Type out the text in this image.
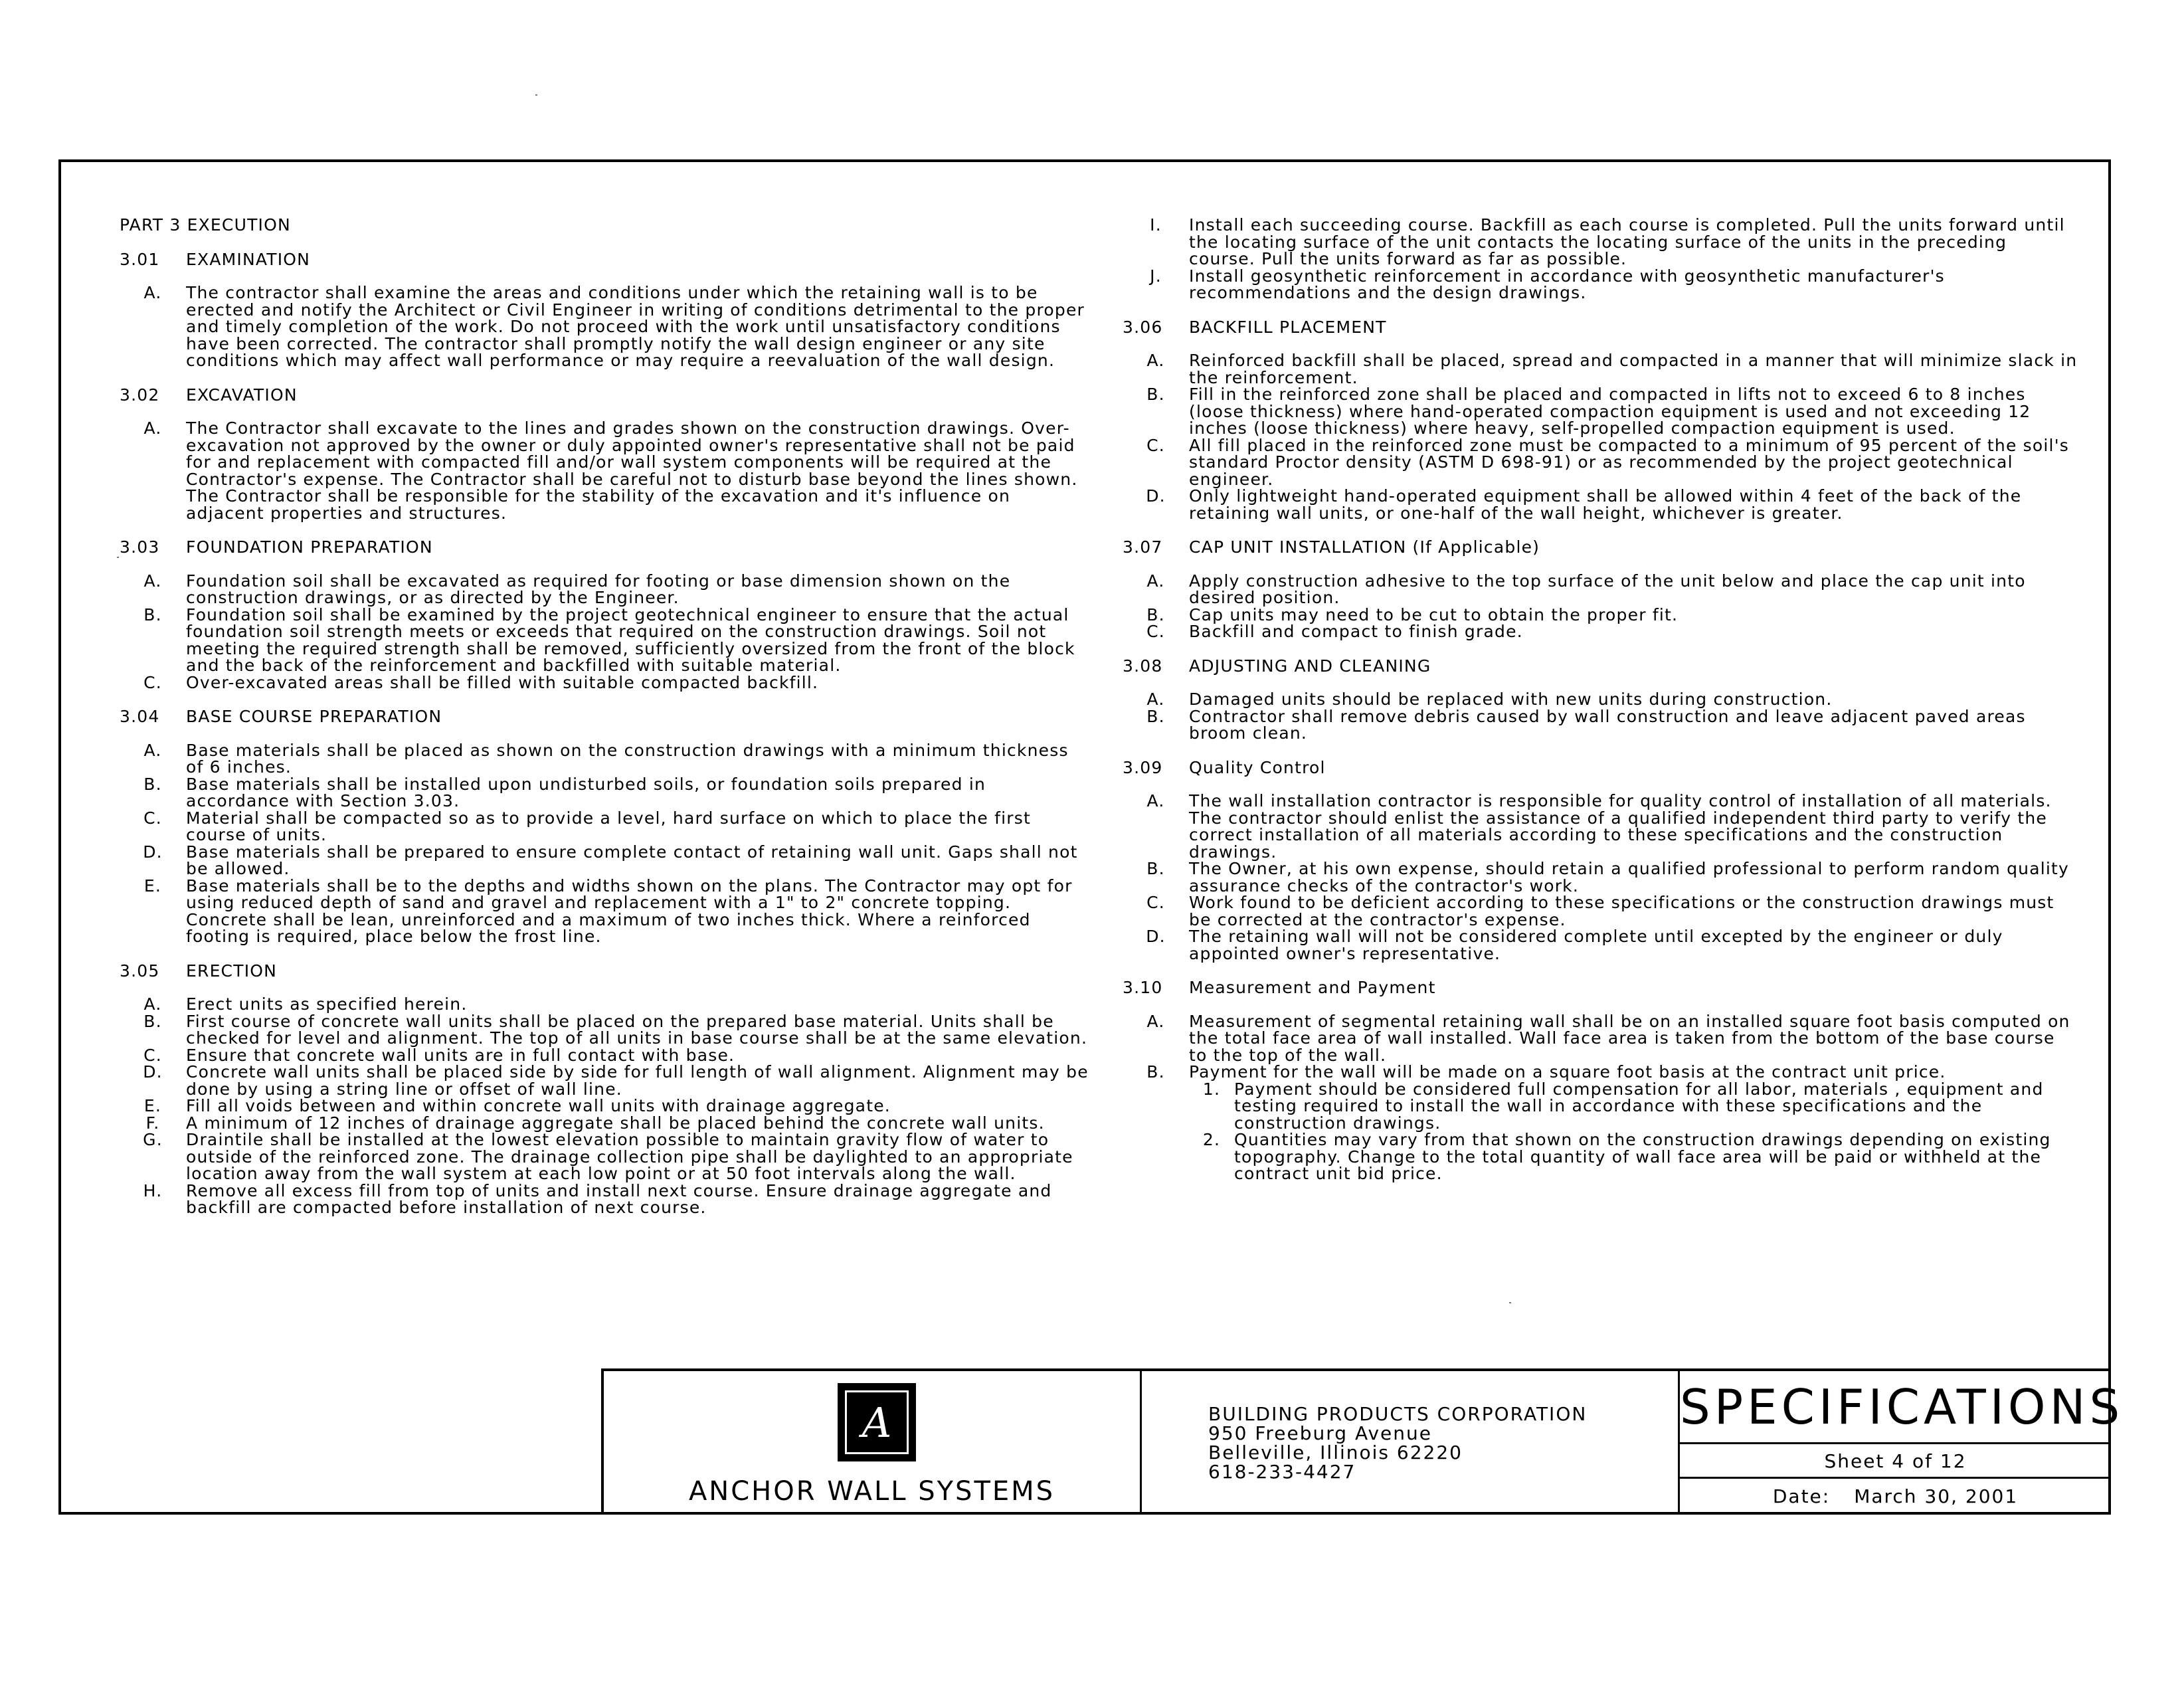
PART 3 EXECUTION
3.01	EXAMINATION
A.	The contractor shall examine the areas and conditions under which the retaining wall is to be erected and notify the Architect or Civil Engineer in writing of conditions detrimental to the proper and timely completion of the work. Do not proceed with the work until unsatisfactory conditions have been corrected. The contractor shall promptly notify the wall design engineer or any site conditions which may affect wall performance or may require a reevaluation of the wall design.
3.02	EXCAVATION
A.	The Contractor shall excavate to the lines and grades shown on the construction drawings. Over-excavation not approved by the owner or duly appointed owner's representative shall not be paid for and replacement with compacted fill and/or wall system components will be required at the Contractor's expense. The Contractor shall be careful not to disturb base beyond the lines shown. The Contractor shall be responsible for the stability of the excavation and it's influence on adjacent properties and structures.
3.03	FOUNDATION PREPARATION
A.	Foundation soil shall be excavated as required for footing or base dimension shown on the construction drawings, or as directed by the Engineer.
B.	Foundation soil shall be examined by the project geotechnical engineer to ensure that the actual foundation soil strength meets or exceeds that required on the construction drawings. Soil not meeting the required strength shall be removed, sufficiently oversized from the front of the block and the back of the reinforcement and backfilled with suitable material.
C.	Over-excavated areas shall be filled with suitable compacted backfill.
3.04	BASE COURSE PREPARATION
A.	Base materials shall be placed as shown on the construction drawings with a minimum thickness of 6 inches.
B.	Base materials shall be installed upon undisturbed soils, or foundation soils prepared in accordance with Section 3.03.
C.	Material shall be compacted so as to provide a level, hard surface on which to place the first course of units.
D.	Base materials shall be prepared to ensure complete contact of retaining wall unit. Gaps shall not be allowed.
E.	Base materials shall be to the depths and widths shown on the plans. The Contractor may opt for using reduced depth of sand and gravel and replacement with a 1" to 2" concrete topping. Concrete shall be lean, unreinforced and a maximum of two inches thick. Where a reinforced footing is required, place below the frost line.
3.05	ERECTION
A.	Erect units as specified herein.
B.	First course of concrete wall units shall be placed on the prepared base material. Units shall be checked for level and alignment. The top of all units in base course shall be at the same elevation.
C.	Ensure that concrete wall units are in full contact with base.
D.	Concrete wall units shall be placed side by side for full length of wall alignment. Alignment may be done by using a string line or offset of wall line.
E.	Fill all voids between and within concrete wall units with drainage aggregate.
F.	A minimum of 12 inches of drainage aggregate shall be placed behind the concrete wall units.
G.	Draintile shall be installed at the lowest elevation possible to maintain gravity flow of water to outside of the reinforced zone. The drainage collection pipe shall be daylighted to an appropriate location away from the wall system at each low point or at 50 foot intervals along the wall.
H.	Remove all excess fill from top of units and install next course. Ensure drainage aggregate and backfill are compacted before installation of next course.
I.	Install each succeeding course. Backfill as each course is completed. Pull the units forward until the locating surface of the unit contacts the locating surface of the units in the preceding course. Pull the units forward as far as possible.
J.	Install geosynthetic reinforcement in accordance with geosynthetic manufacturer's recommendations and the design drawings.
3.06	BACKFILL PLACEMENT
A.	Reinforced backfill shall be placed, spread and compacted in a manner that will minimize slack in the reinforcement.
B.	Fill in the reinforced zone shall be placed and compacted in lifts not to exceed 6 to 8 inches (loose thickness) where hand-operated compaction equipment is used and not exceeding 12 inches (loose thickness) where heavy, self-propelled compaction equipment is used.
C.	All fill placed in the reinforced zone must be compacted to a minimum of 95 percent of the soil's standard Proctor density (ASTM D 698-91) or as recommended by the project geotechnical engineer.
D.	Only lightweight hand-operated equipment shall be allowed within 4 feet of the back of the retaining wall units, or one-half of the wall height, whichever is greater.
3.07	CAP UNIT INSTALLATION (If Applicable)
A.	Apply construction adhesive to the top surface of the unit below and place the cap unit into desired position.
B.	Cap units may need to be cut to obtain the proper fit.
C.	Backfill and compact to finish grade.
3.08	ADJUSTING AND CLEANING
A.	Damaged units should be replaced with new units during construction.
B.	Contractor shall remove debris caused by wall construction and leave adjacent paved areas broom clean.
3.09	Quality Control
A.	The wall installation contractor is responsible for quality control of installation of all materials. The contractor should enlist the assistance of a qualified independent third party to verify the correct installation of all materials according to these specifications and the construction drawings.
B.	The Owner, at his own expense, should retain a qualified professional to perform random quality assurance checks of the contractor's work.
C.	Work found to be deficient according to these specifications or the construction drawings must be corrected at the contractor's expense.
D.	The retaining wall will not be considered complete until excepted by the engineer or duly appointed owner's representative.
3.10	Measurement and Payment
A.	Measurement of segmental retaining wall shall be on an installed square foot basis computed on the total face area of wall installed. Wall face area is taken from the bottom of the base course to the top of the wall.
B.	Payment for the wall will be made on a square foot basis at the contract unit price.
1. Payment should be considered full compensation for all labor, materials , equipment and testing required to install the wall in accordance with these specifications and the construction drawings.
2. Quantities may vary from that shown on the construction drawings depending on existing topography. Change to the total quantity of wall face area will be paid or withheld at the contract unit bid price.
A
ANCHOR WALL SYSTEMS
BUILDING PRODUCTS CORPORATION
950 Freeburg Avenue
Belleville, Illinois 62220
618-233-4427
SPECIFICATIONS
Sheet 4 of 12
Date: March 30, 2001
